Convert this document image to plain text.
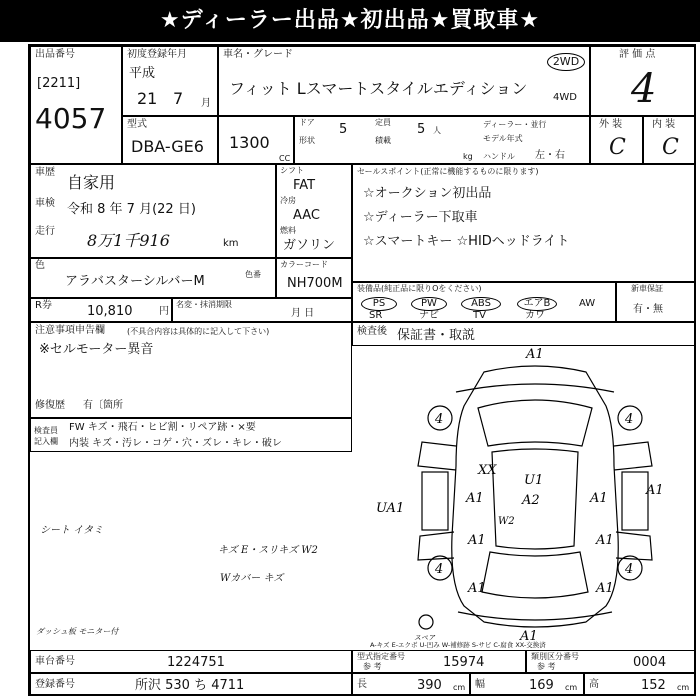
★ディーラー出品★初出品★買取車★
出品番号
[2211]
4057
初度登録年月
平成
21 7 月
車名・グレード
フィット Lスマートスタイルエディション
2WD
4WD
評 価 点
4
型式
DBA-GE6 1300
CC
ドア 5	定員 5 人
ディーラー・並行
形状	積載	モデル年式
kg ハンドル 左・右
外 装
C
内 装
C
車歴
自家用
車検 令和 8 年 7 月(22 日)
走行 8万1千916	km
シフト
FAT
冷房
AAC
燃料
ガソリン
セールスポイント(正常に機能するものに限ります)
☆オークション初出品
☆ディーラー下取車
☆スマートキー ☆HIDヘッドライト
色
アラバスターシルバーM	色番
カラーコード
NH700M
R券	10,810	円
名変・抹消期限
月 日
装備品(純正品に限りOをください)
PS	PW	ABS	エアB	AW
SR	ナビ	TV	カワ
新車保証
有・無
注意事項申告欄	(不具合内容は具体的に記入して下さい)
※セルモーター異音
修復歴 有〔箇所
検査後 保証書・取説
検査員記入欄
FW キズ・飛石・ヒビ割・リペア跡・×要
内装 キズ・汚レ・コゲ・穴・ズレ・キレ・破レ
シート イタミ
キズ E・スリキズ W2
Wカバー キズ
ダッシュ板 モニター付
A1
4	4
4	4
XX
U1
A2
A1	A1
A1	A1
A1	A1
A1
W2
UA1
A1
スペア
A-キズ E-エクボ U-凹み W-補修跡 S-サビ C-腐食 XX-交換済
車台番号	1224751
登録番号	所沢 530 ち 4711
型式指定番号
参 考	15974	類別区分番号
参 考	0004
長	390 cm 幅	169 cm 高	152 cm
